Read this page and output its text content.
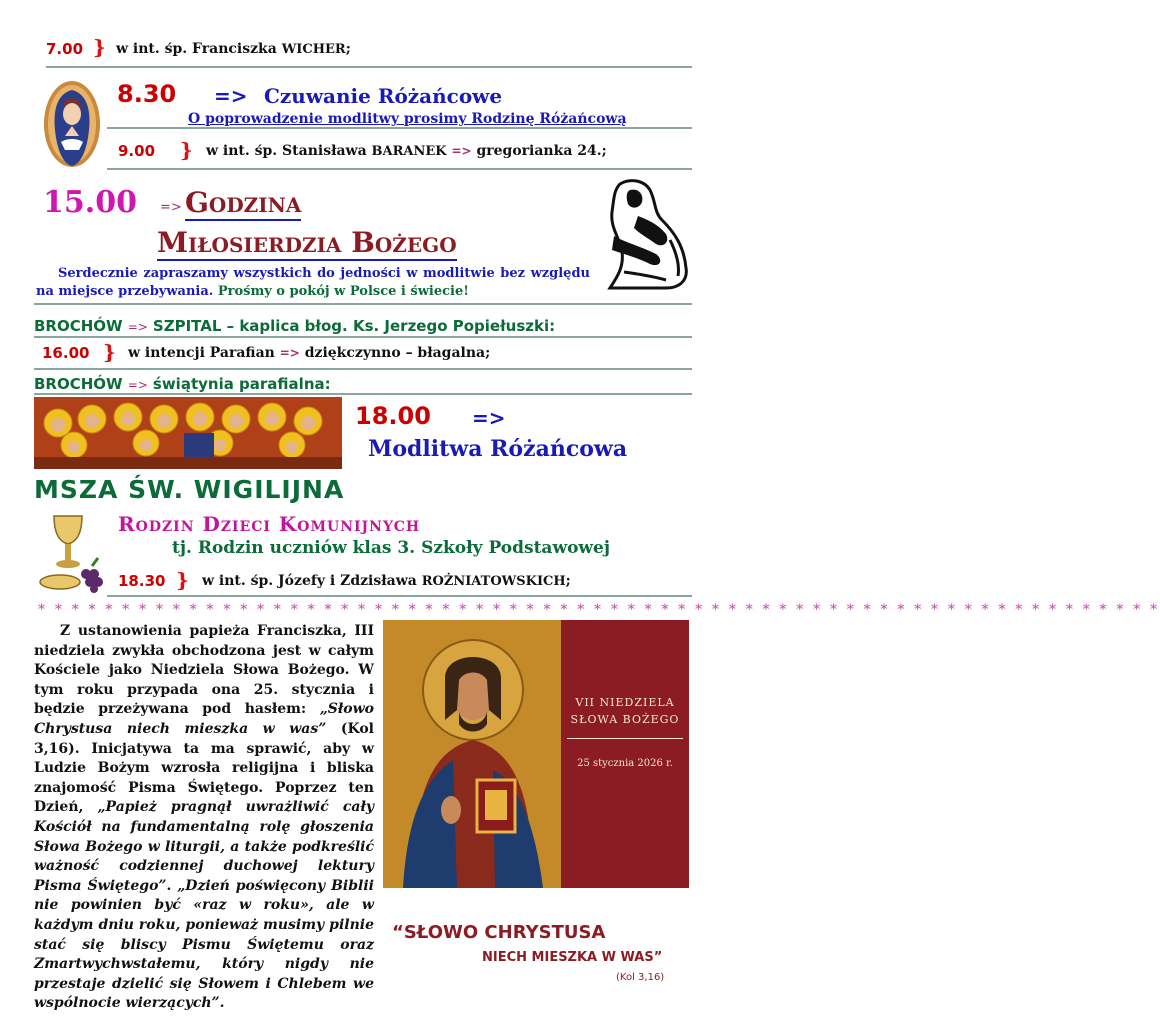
7.00 } w int. śp. Franciszka WICHER;
8.30 => Czuwanie Różańcowe
O poprowadzenie modlitwy prosimy Rodzinę Różańcową
9.00 } w int. śp. Stanisława BARANEK => gregorianka 24.;
15.00 => Godzina
Miłosierdzia Bożego
Serdecznie zapraszamy wszystkich do jedności w modlitwie bez względu na miejsce przebywania. Prośmy o pokój w Polsce i świecie!
BROCHÓW => SZPITAL – kaplica błog. Ks. Jerzego Popiełuszki:
16.00 } w intencji Parafian => dziękczynno – błagalna;
BROCHÓW => świątynia parafialna:
18.00 =>
Modlitwa Różańcowa
MSZA ŚW. WIGILIJNA
Rodzin Dzieci Komunijnych
tj. Rodzin uczniów klas 3. Szkoły Podstawowej
18.30 } w int. śp. Józefy i Zdzisława ROŻNIATOWSKICH;
* * * * * * * * * * * * * * * * * * * * * * * * * * * * * * * * * * * * * * * * * * * * * * * * * * * * * * * * * * * * * * * * * * *
Z ustanowienia papieża Franciszka, III niedziela zwykła obchodzona jest w całym Kościele jako Niedziela Słowa Bożego. W tym roku przypada ona 25. stycznia i będzie przeżywana pod hasłem: „Słowo Chrystusa niech mieszka w was” (Kol 3,16). Inicjatywa ta ma sprawić, aby w Ludzie Bożym wzrosła religijna i bliska znajomość Pisma Świętego. Poprzez ten Dzień, „Papież pragnął uwrażliwić cały Kościół na fundamentalną rolę głoszenia Słowa Bożego w liturgii, a także podkreślić ważność codziennej duchowej lektury Pisma Świętego”. „Dzień poświęcony Biblii nie powinien być «raz w roku», ale w każdym dniu roku, ponieważ musimy pilnie stać się bliscy Pismu Świętemu oraz Zmartwychwstałemu, który nigdy nie przestaje dzielić się Słowem i Chlebem we wspólnocie wierzących”.
VII NIEDZIELA
SŁOWA BOŻEGO
25 stycznia 2026 r.
“SŁOWO CHRYSTUSA
NIECH MIESZKA W WAS”
(Kol 3,16)
